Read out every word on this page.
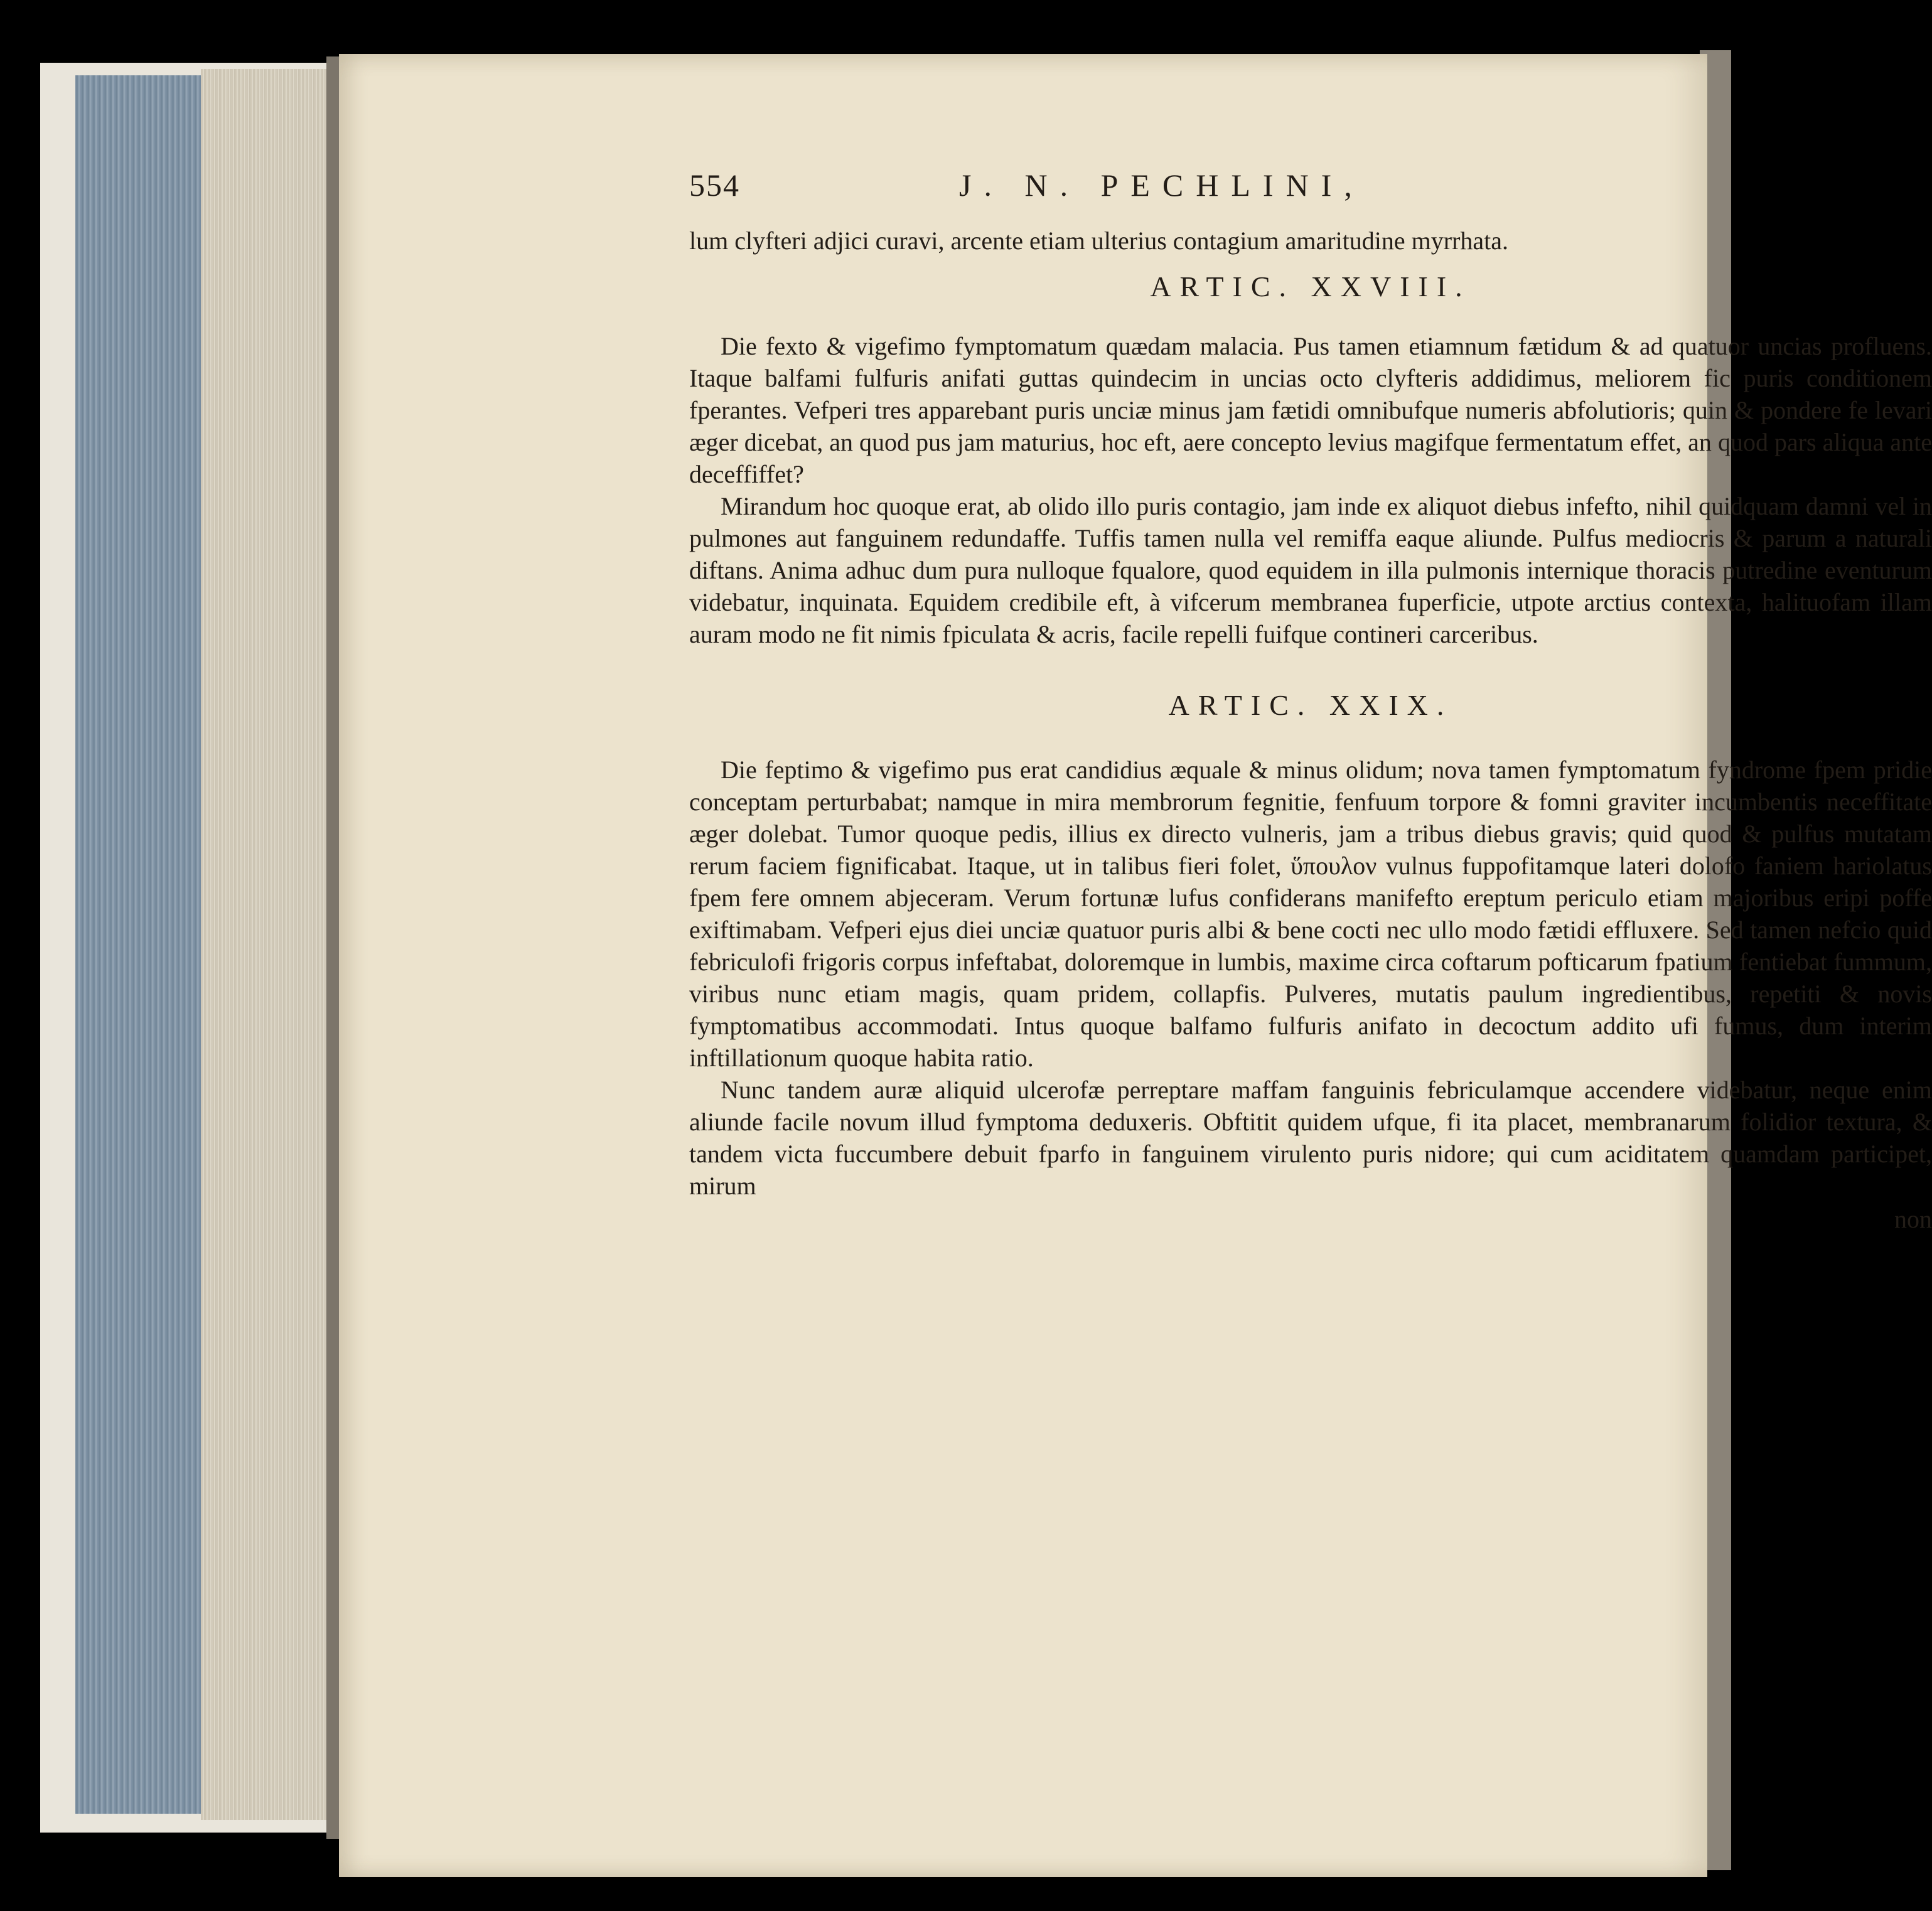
554	J. N. PECHLINI,

lum clyfteri adjici curavi, arcente etiam ulterius contagium amaritudine myrrhata.

ARTIC. XXVIII.

Die fexto & vigefimo fymptomatum quædam malacia. Pus tamen etiamnum fætidum & ad quatuor uncias profluens. Itaque balfami fulfuris anifati guttas quindecim in uncias octo clyfteris addidimus, meliorem fic puris conditionem fperantes. Vefperi tres apparebant puris unciæ minus jam fætidi omnibufque numeris abfolutioris; quin & pondere fe levari æger dicebat, an quod pus jam maturius, hoc eft, aere concepto levius magifque fermentatum effet, an quod pars aliqua ante deceffiffet?

Mirandum hoc quoque erat, ab olido illo puris contagio, jam inde ex aliquot diebus infefto, nihil quidquam damni vel in pulmones aut fanguinem redundaffe. Tuffis tamen nulla vel remiffa eaque aliunde. Pulfus mediocris & parum a naturali diftans. Anima adhuc dum pura nulloque fqualore, quod equidem in illa pulmonis internique thoracis putredine eventurum videbatur, inquinata. Equidem credibile eft, à vifcerum membranea fuperficie, utpote arctius contexta, halituofam illam auram modo ne fit nimis fpiculata & acris, facile repelli fuifque contineri carceribus.

ARTIC. XXIX.

Die feptimo & vigefimo pus erat candidius æquale & minus olidum; nova tamen fymptomatum fyndrome fpem pridie conceptam perturbabat; namque in mira membrorum fegnitie, fenfuum torpore & fomni graviter incumbentis neceffitate æger dolebat. Tumor quoque pedis, illius ex directo vulneris, jam a tribus diebus gravis; quid quod & pulfus mutatam rerum faciem fignificabat. Itaque, ut in talibus fieri folet, ὕπουλον vulnus fuppofitamque lateri dolofo faniem hariolatus fpem fere omnem abjeceram. Verum fortunæ lufus confiderans manifefto ereptum periculo etiam majoribus eripi poffe exiftimabam. Vefperi ejus diei unciæ quatuor puris albi & bene cocti nec ullo modo fætidi effluxere. Sed tamen nefcio quid febriculofi frigoris corpus infeftabat, doloremque in lumbis, maxime circa coftarum pofticarum fpatium fentiebat fummum, viribus nunc etiam magis, quam pridem, collapfis. Pulveres, mutatis paulum ingredientibus, repetiti & novis fymptomatibus accommodati. Intus quoque balfamo fulfuris anifato in decoctum addito ufi fumus, dum interim inftillationum quoque habita ratio.

Nunc tandem auræ aliquid ulcerofæ perreptare maffam fanguinis febriculamque accendere videbatur, neque enim aliunde facile novum illud fymptoma deduxeris. Obftitit quidem ufque, fi ita placet, membranarum folidior textura, & tandem victa fuccumbere debuit fparfo in fanguinem virulento puris nidore; qui cum aciditatem quamdam participet, mirum

non
